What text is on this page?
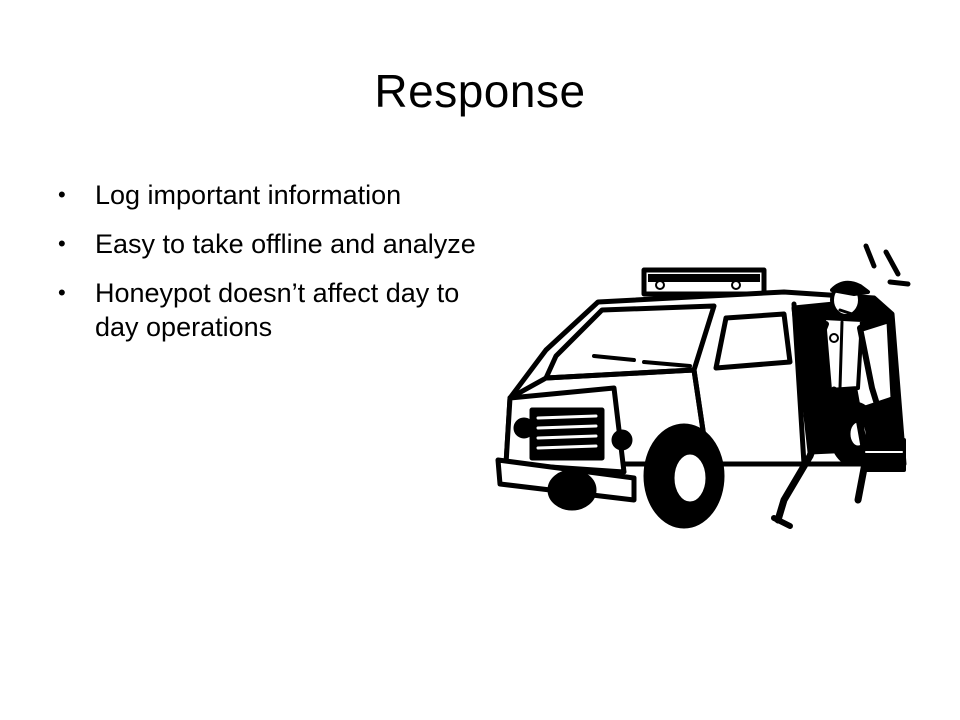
Response
• Log important information
• Easy to take offline and analyze
• Honeypot doesn’t affect day to day operations
